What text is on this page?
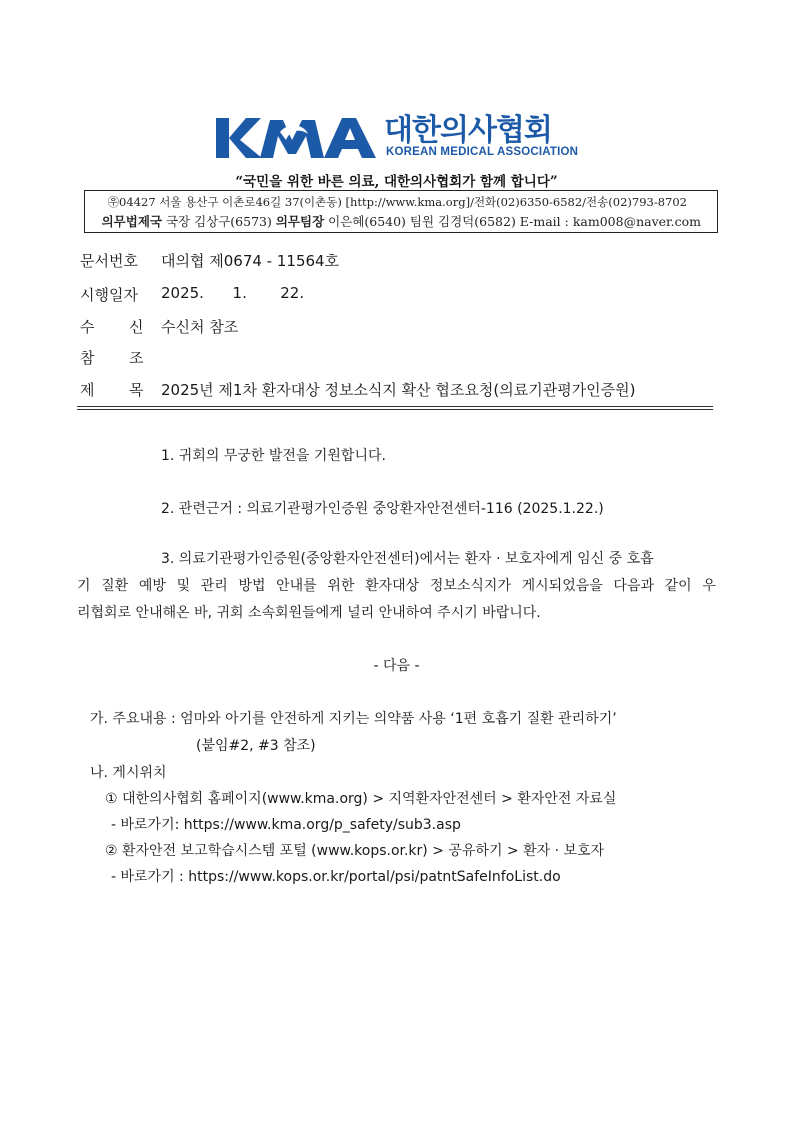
대한의사협회
KOREAN MEDICAL ASSOCIATION
“국민을 위한 바른 의료, 대한의사협회가 함께 합니다”
㉾04427 서울 용산구 이촌로46길 37(이촌동) [http://www.kma.org]/전화(02)6350-6582/전송(02)793-8702
의무법제국 국장 김상구(6573) 의무팀장 이은혜(6540) 팀원 김경덕(6582) E-mail : kam008@naver.com
문서번호 대의협 제0674 - 11564호
시행일자 2025.      1.       22.
수 신 수신처 참조
참 조
제 목 2025년 제1차 환자대상 정보소식지 확산 협조요청(의료기관평가인증원)
1. 귀회의 무궁한 발전을 기원합니다.
2. 관련근거 : 의료기관평가인증원 중앙환자안전센터-116 (2025.1.22.)
3. 의료기관평가인증원(중앙환자안전센터)에서는 환자 · 보호자에게 임신 중 호흡
기 질환 예방 및 관리 방법 안내를 위한 환자대상 정보소식지가 게시되었음을 다음과 같이 우
리협회로 안내해온 바, 귀회 소속회원들에게 널리 안내하여 주시기 바랍니다.
- 다음 -
가. 주요내용 : 엄마와 아기를 안전하게 지키는 의약품 사용 ‘1편 호흡기 질환 관리하기’
(붙임#2, #3 참조)
나. 게시위치
① 대한의사협회 홈페이지(www.kma.org) > 지역환자안전센터 > 환자안전 자료실
- 바로가기: https://www.kma.org/p_safety/sub3.asp
② 환자안전 보고학습시스템 포털 (www.kops.or.kr) > 공유하기 > 환자 · 보호자
- 바로가기 : https://www.kops.or.kr/portal/psi/patntSafeInfoList.do
